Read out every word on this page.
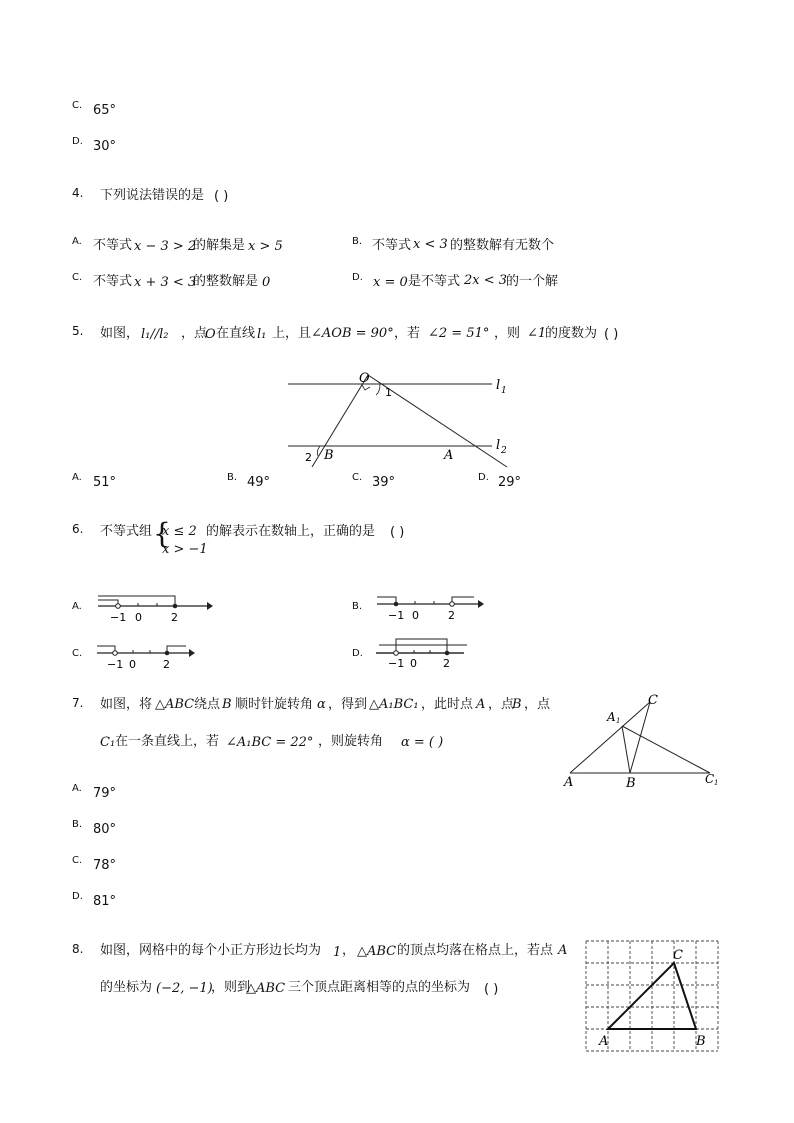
C. 65°
D. 30°
4. 下列说法错误的是 ( )
A. 不等式 x − 3 > 2
的解集是 x > 5	B. 不等式 x < 3 的整数解有无数个
C. 不等式 x + 3 < 3
的整数解是 0	D. x = 0 是不等式 2x < 3
的一个解
5. 如图， l₁//l₂ ，点
O 在直线 l₁ 上，且 ∠AOB = 90° ，若 ∠2 = 51° ，则 ∠1
的度数为 ( )
O
1
2 B	A
l 1
l 2
A. 51°	B. 49°	C. 39°	D. 29°
6. 不等式组 {
x ≤ 2
x > −1
的解表示在数轴上，正确的是 ( )
A.
−1 0	2
B.
−1 0	2
C.
−1 0 2
D.
−1 0 2
7. 如图，将 △ABC 绕点 B 顺时针旋转角 α ，得到 △A₁BC₁ ，此时点 A ，点
B ，点
C₁ 在一条直线上，若 ∠A₁BC = 22° ，则旋转角 α = ( )
A	B
C
A 1
C 1
A. 79°
B. 80°
C. 78°
D. 81°
8. 如图，网格中的每个小正方形边长均为 1 ， △ABC 的顶点均落在格点上，若点 A
的坐标为 (−2, −1)
，则到
△ABC 三个顶点距离相等的点的坐标为 ( )
A	B
C
